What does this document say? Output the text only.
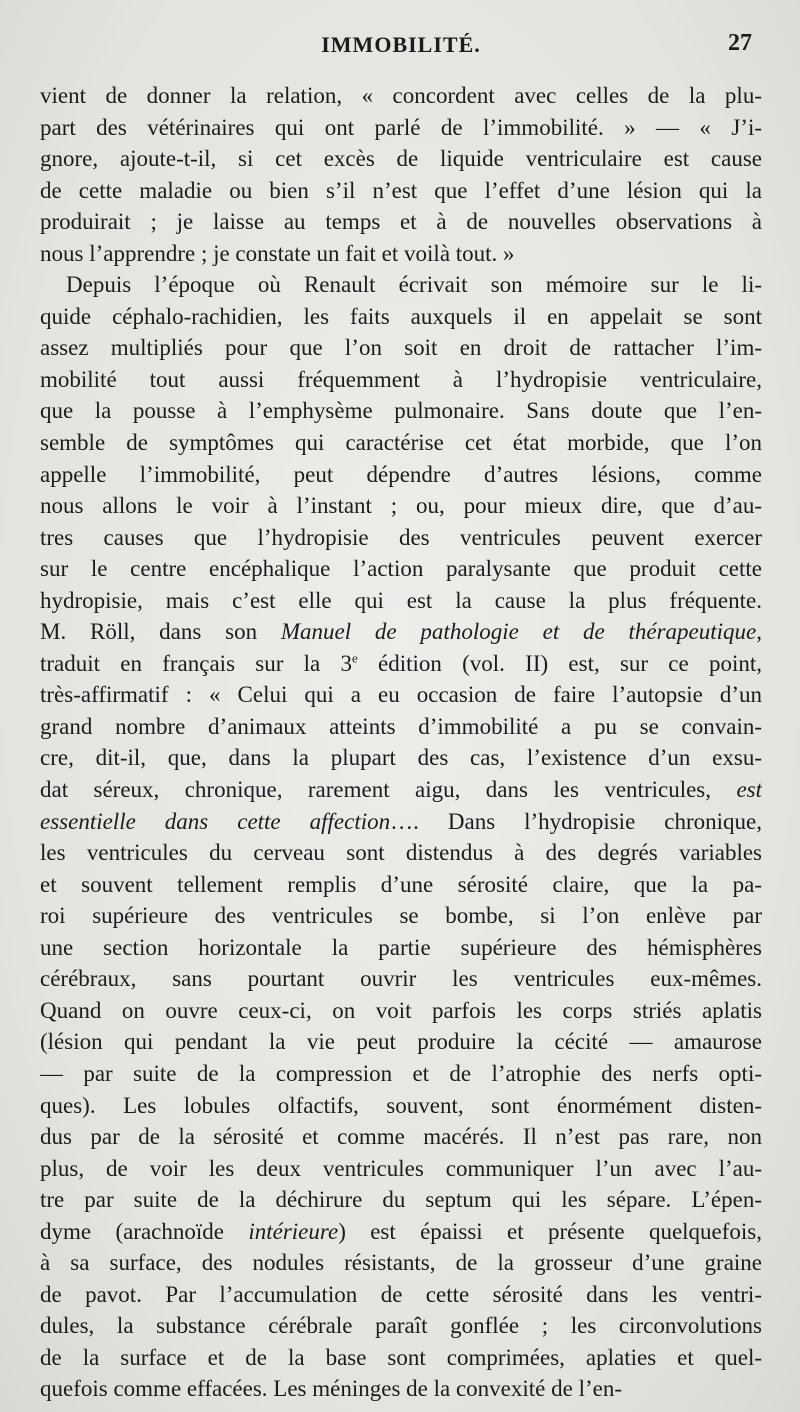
IMMOBILITÉ.	27
vient de donner la relation, « concordent avec celles de la plu-
part des vétérinaires qui ont parlé de l’immobilité. » — « J’i-
gnore, ajoute-t-il, si cet excès de liquide ventriculaire est cause
de cette maladie ou bien s’il n’est que l’effet d’une lésion qui la
produirait ; je laisse au temps et à de nouvelles observations à
nous l’apprendre ; je constate un fait et voilà tout. »
Depuis l’époque où Renault écrivait son mémoire sur le li-
quide céphalo-rachidien, les faits auxquels il en appelait se sont
assez multipliés pour que l’on soit en droit de rattacher l’im-
mobilité tout aussi fréquemment à l’hydropisie ventriculaire,
que la pousse à l’emphysème pulmonaire. Sans doute que l’en-
semble de symptômes qui caractérise cet état morbide, que l’on
appelle l’immobilité, peut dépendre d’autres lésions, comme
nous allons le voir à l’instant ; ou, pour mieux dire, que d’au-
tres causes que l’hydropisie des ventricules peuvent exercer
sur le centre encéphalique l’action paralysante que produit cette
hydropisie, mais c’est elle qui est la cause la plus fréquente.
M. Röll, dans son Manuel de pathologie et de thérapeutique,
traduit en français sur la 3e édition (vol. II) est, sur ce point,
très-affirmatif : « Celui qui a eu occasion de faire l’autopsie d’un
grand nombre d’animaux atteints d’immobilité a pu se convain-
cre, dit-il, que, dans la plupart des cas, l’existence d’un exsu-
dat séreux, chronique, rarement aigu, dans les ventricules, est
essentielle dans cette affection…. Dans l’hydropisie chronique,
les ventricules du cerveau sont distendus à des degrés variables
et souvent tellement remplis d’une sérosité claire, que la pa-
roi supérieure des ventricules se bombe, si l’on enlève par
une section horizontale la partie supérieure des hémisphères
cérébraux, sans pourtant ouvrir les ventricules eux-mêmes.
Quand on ouvre ceux-ci, on voit parfois les corps striés aplatis
(lésion qui pendant la vie peut produire la cécité — amaurose
— par suite de la compression et de l’atrophie des nerfs opti-
ques). Les lobules olfactifs, souvent, sont énormément disten-
dus par de la sérosité et comme macérés. Il n’est pas rare, non
plus, de voir les deux ventricules communiquer l’un avec l’au-
tre par suite de la déchirure du septum qui les sépare. L’épen-
dyme (arachnoïde intérieure) est épaissi et présente quelquefois,
à sa surface, des nodules résistants, de la grosseur d’une graine
de pavot. Par l’accumulation de cette sérosité dans les ventri-
dules, la substance cérébrale paraît gonflée ; les circonvolutions
de la surface et de la base sont comprimées, aplaties et quel-
quefois comme effacées. Les méninges de la convexité de l’en-
